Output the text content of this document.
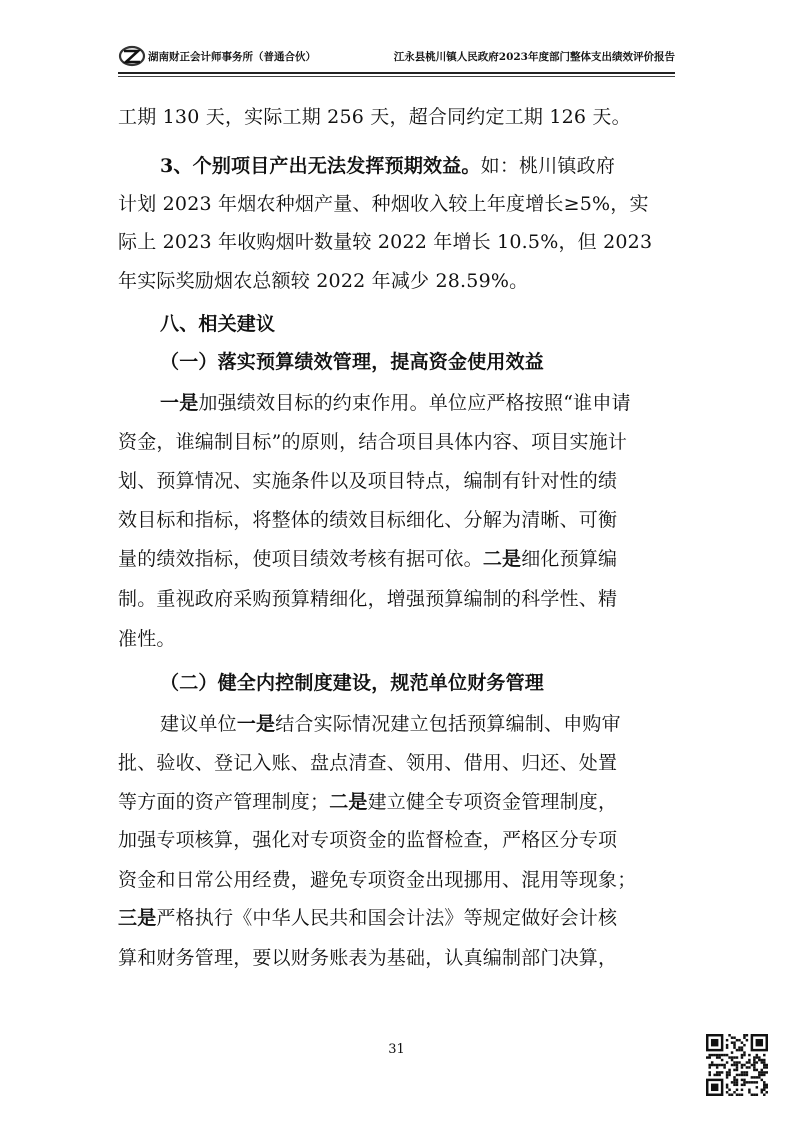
湖南财正会计师事务所（普通合伙）	江永县桃川镇人民政府2023年度部门整体支出绩效评价报告
工期 130 天，实际工期 256 天，超合同约定工期 126 天。
3、个别项目产出无法发挥预期效益。如：桃川镇政府
计划 2023 年烟农种烟产量、种烟收入较上年度增长≥5%，实
际上 2023 年收购烟叶数量较 2022 年增长 10.5%，但 2023
年实际奖励烟农总额较 2022 年减少 28.59%。
八、相关建议
（一）落实预算绩效管理，提高资金使用效益
一是加强绩效目标的约束作用。单位应严格按照“谁申请
资金，谁编制目标”的原则，结合项目具体内容、项目实施计
划、预算情况、实施条件以及项目特点，编制有针对性的绩
效目标和指标，将整体的绩效目标细化、分解为清晰、可衡
量的绩效指标，使项目绩效考核有据可依。二是细化预算编
制。重视政府采购预算精细化，增强预算编制的科学性、精
准性。
（二）健全内控制度建设，规范单位财务管理
建议单位一是结合实际情况建立包括预算编制、申购审
批、验收、登记入账、盘点清查、领用、借用、归还、处置
等方面的资产管理制度；二是建立健全专项资金管理制度，
加强专项核算，强化对专项资金的监督检查，严格区分专项
资金和日常公用经费，避免专项资金出现挪用、混用等现象；
三是严格执行《中华人民共和国会计法》等规定做好会计核
算和财务管理，要以财务账表为基础，认真编制部门决算，
31
